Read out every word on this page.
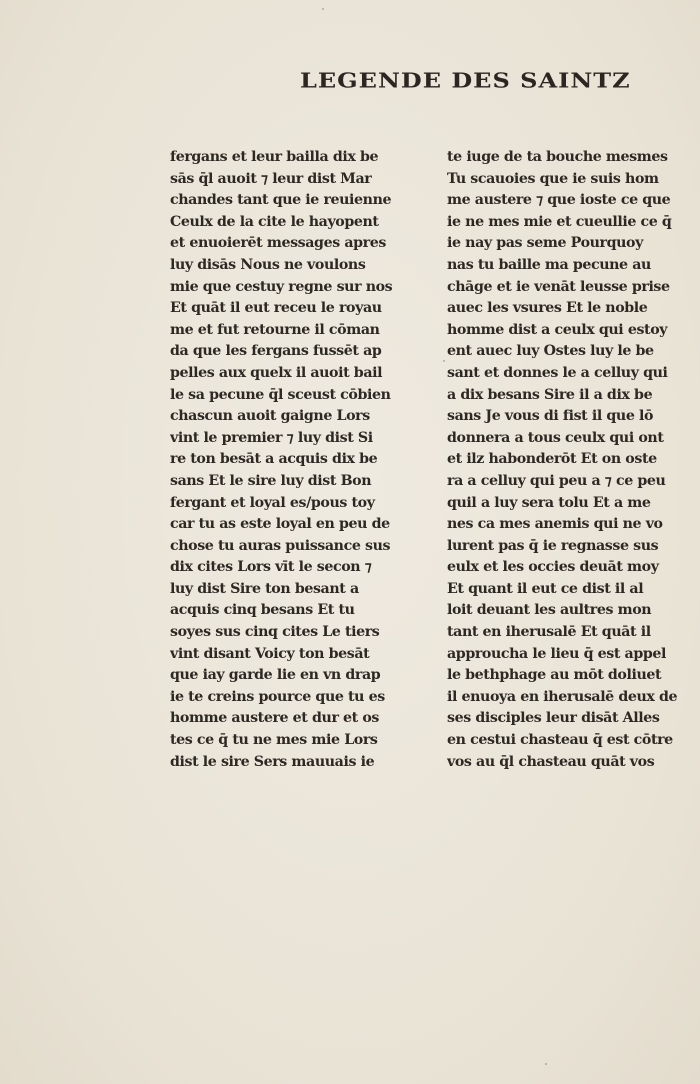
LEGENDE DES SAINTZ
fergans et leur bailla dix be
sās q̄l auoit ⁊ leur dist Mar
chandes tant que ie reuienne
Ceulx de la cite le hayopent
et enuoierēt messages apres
luy disās Nous ne voulons
mie que cestuy regne sur nos
Et quāt il eut receu le royau
me et fut retourne il cōman
da que les fergans fussēt ap
pelles aux quelx il auoit bail
le sa pecune q̄l sceust cōbien
chascun auoit gaigne Lors
vint le premier ⁊ luy dist Si
re ton besāt a acquis dix be
sans Et le sire luy dist Bon
fergant et loyal es/pous toy
car tu as este loyal en peu de
chose tu auras puissance sus
dix cites Lors vīt le secon ⁊
luy dist Sire ton besant a
acquis cinq besans Et tu
soyes sus cinq cites Le tiers
vint disant Voicy ton besāt
que iay garde lie en vn drap
ie te creins pource que tu es
homme austere et dur et os
tes ce q̄ tu ne mes mie Lors
dist le sire Sers mauuais ie
te iuge de ta bouche mesmes
Tu scauoies que ie suis hom
me austere ⁊ que ioste ce que
ie ne mes mie et cueullie ce q̄
ie nay pas seme Pourquoy
nas tu baille ma pecune au
chāge et ie venāt leusse prise
auec les vsures Et le noble
homme dist a ceulx qui estoy
ent auec luy Ostes luy le be
sant et donnes le a celluy qui
a dix besans Sire il a dix be
sans Je vous di fist il que lō
donnera a tous ceulx qui ont
et ilz habonderōt Et on oste
ra a celluy qui peu a ⁊ ce peu
quil a luy sera tolu Et a me
nes ca mes anemis qui ne vo
lurent pas q̄ ie regnasse sus
eulx et les occies deuāt moy
Et quant il eut ce dist il al
loit deuant les aultres mon
tant en iherusalē Et quāt il
approucha le lieu q̄ est appel
le bethphage au mōt doliuet
il enuoya en iherusalē deux de
ses disciples leur disāt Alles
en cestui chasteau q̄ est cōtre
vos au q̄l chasteau quāt vos
